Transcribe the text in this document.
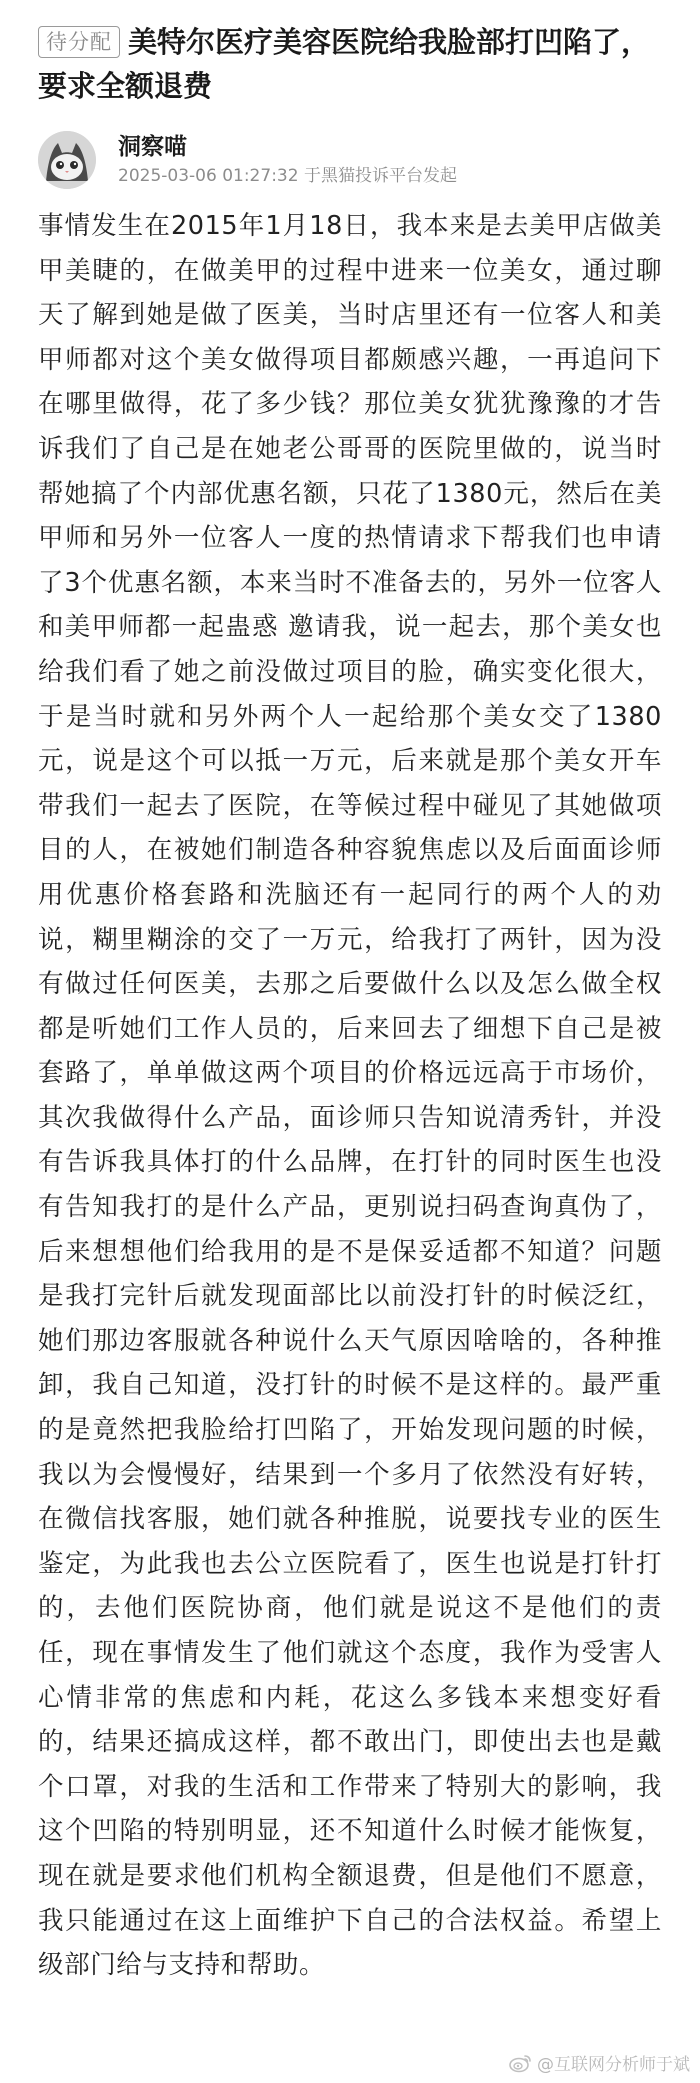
待分配 美特尔医疗美容医院给我脸部打凹陷了，要求全额退费
洞察喵
2025-03-06 01:27:32 于黑猫投诉平台发起
事情发生在2015年1月18日，我本来是去美甲店做美甲美睫的，在做美甲的过程中进来一位美女，通过聊天了解到她是做了医美，当时店里还有一位客人和美甲师都对这个美女做得项目都颇感兴趣，一再追问下在哪里做得，花了多少钱？那位美女犹犹豫豫的才告诉我们了自己是在她老公哥哥的医院里做的，说当时帮她搞了个内部优惠名额，只花了1380元，然后在美甲师和另外一位客人一度的热情请求下帮我们也申请了3个优惠名额，本来当时不准备去的，另外一位客人和美甲师都一起蛊惑 邀请我，说一起去，那个美女也给我们看了她之前没做过项目的脸，确实变化很大，于是当时就和另外两个人一起给那个美女交了1380元，说是这个可以抵一万元，后来就是那个美女开车带我们一起去了医院，在等候过程中碰见了其她做项目的人，在被她们制造各种容貌焦虑以及后面面诊师用优惠价格套路和洗脑还有一起同行的两个人的劝说，糊里糊涂的交了一万元，给我打了两针，因为没有做过任何医美，去那之后要做什么以及怎么做全权都是听她们工作人员的，后来回去了细想下自己是被套路了，单单做这两个项目的价格远远高于市场价，其次我做得什么产品，面诊师只告知说清秀针，并没有告诉我具体打的什么品牌，在打针的同时医生也没有告知我打的是什么产品，更别说扫码查询真伪了，后来想想他们给我用的是不是保妥适都不知道？问题是我打完针后就发现面部比以前没打针的时候泛红，她们那边客服就各种说什么天气原因啥啥的，各种推卸，我自己知道，没打针的时候不是这样的。最严重的是竟然把我脸给打凹陷了，开始发现问题的时候，我以为会慢慢好，结果到一个多月了依然没有好转，在微信找客服，她们就各种推脱，说要找专业的医生鉴定，为此我也去公立医院看了，医生也说是打针打的，去他们医院协商，他们就是说这不是他们的责任，现在事情发生了他们就这个态度，我作为受害人心情非常的焦虑和内耗，花这么多钱本来想变好看的，结果还搞成这样，都不敢出门，即使出去也是戴个口罩，对我的生活和工作带来了特别大的影响，我这个凹陷的特别明显，还不知道什么时候才能恢复，现在就是要求他们机构全额退费，但是他们不愿意，我只能通过在这上面维护下自己的合法权益。希望上级部门给与支持和帮助。
@互联网分析师于斌
